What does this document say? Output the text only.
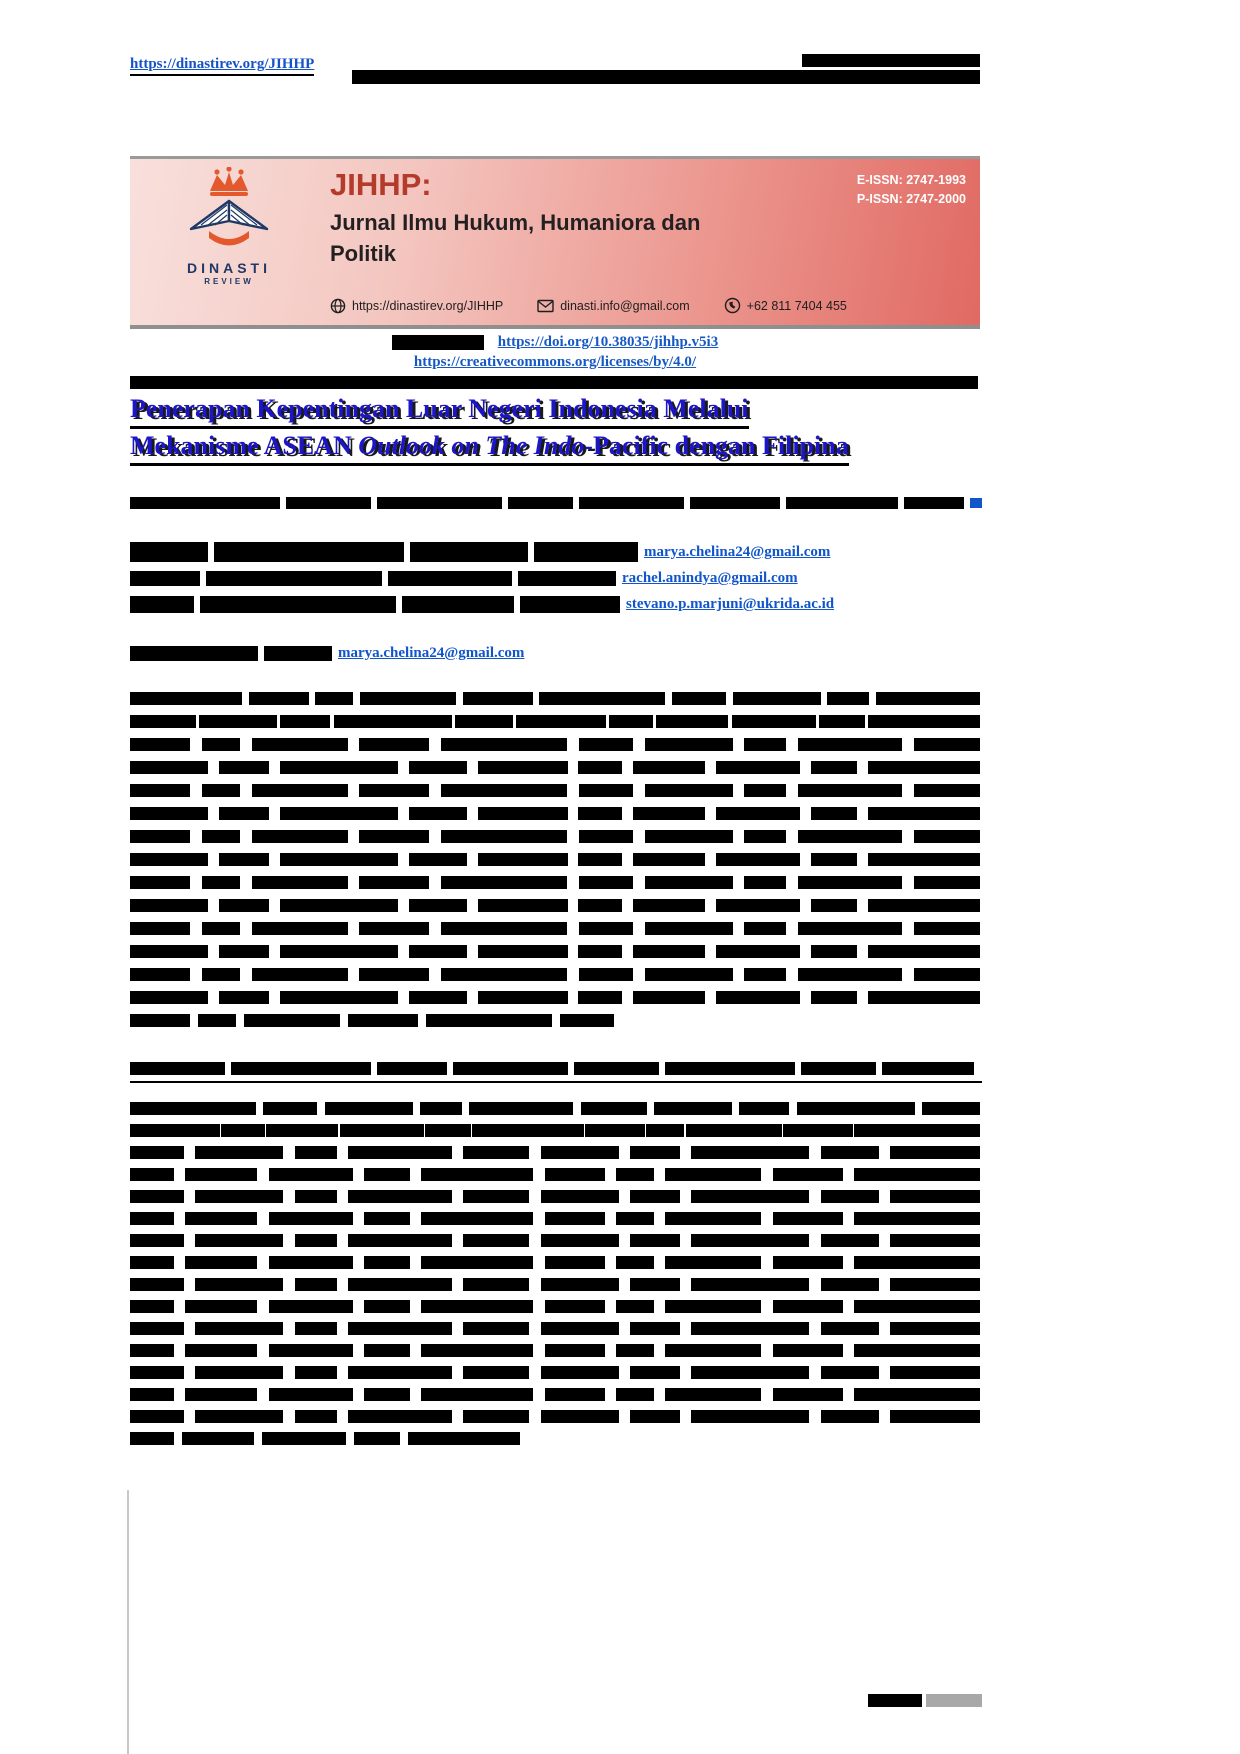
https://dinastirev.org/JIHHP
DINASTI
REVIEW
JIHHP:
Jurnal Ilmu Hukum, Humaniora dan
Politik
E-ISSN: 2747-1993
P-ISSN: 2747-2000
https://dinastirev.org/JIHHP	dinasti.info@gmail.com	+62 811 7404 455
https://doi.org/10.38035/jihhp.v5i3
https://creativecommons.org/licenses/by/4.0/
Penerapan Kepentingan Luar Negeri Indonesia Melalui
Mekanisme ASEAN Outlook on The Indo-Pacific dengan Filipina
marya.chelina24@gmail.com
rachel.anindya@gmail.com
stevano.p.marjuni@ukrida.ac.id
marya.chelina24@gmail.com
